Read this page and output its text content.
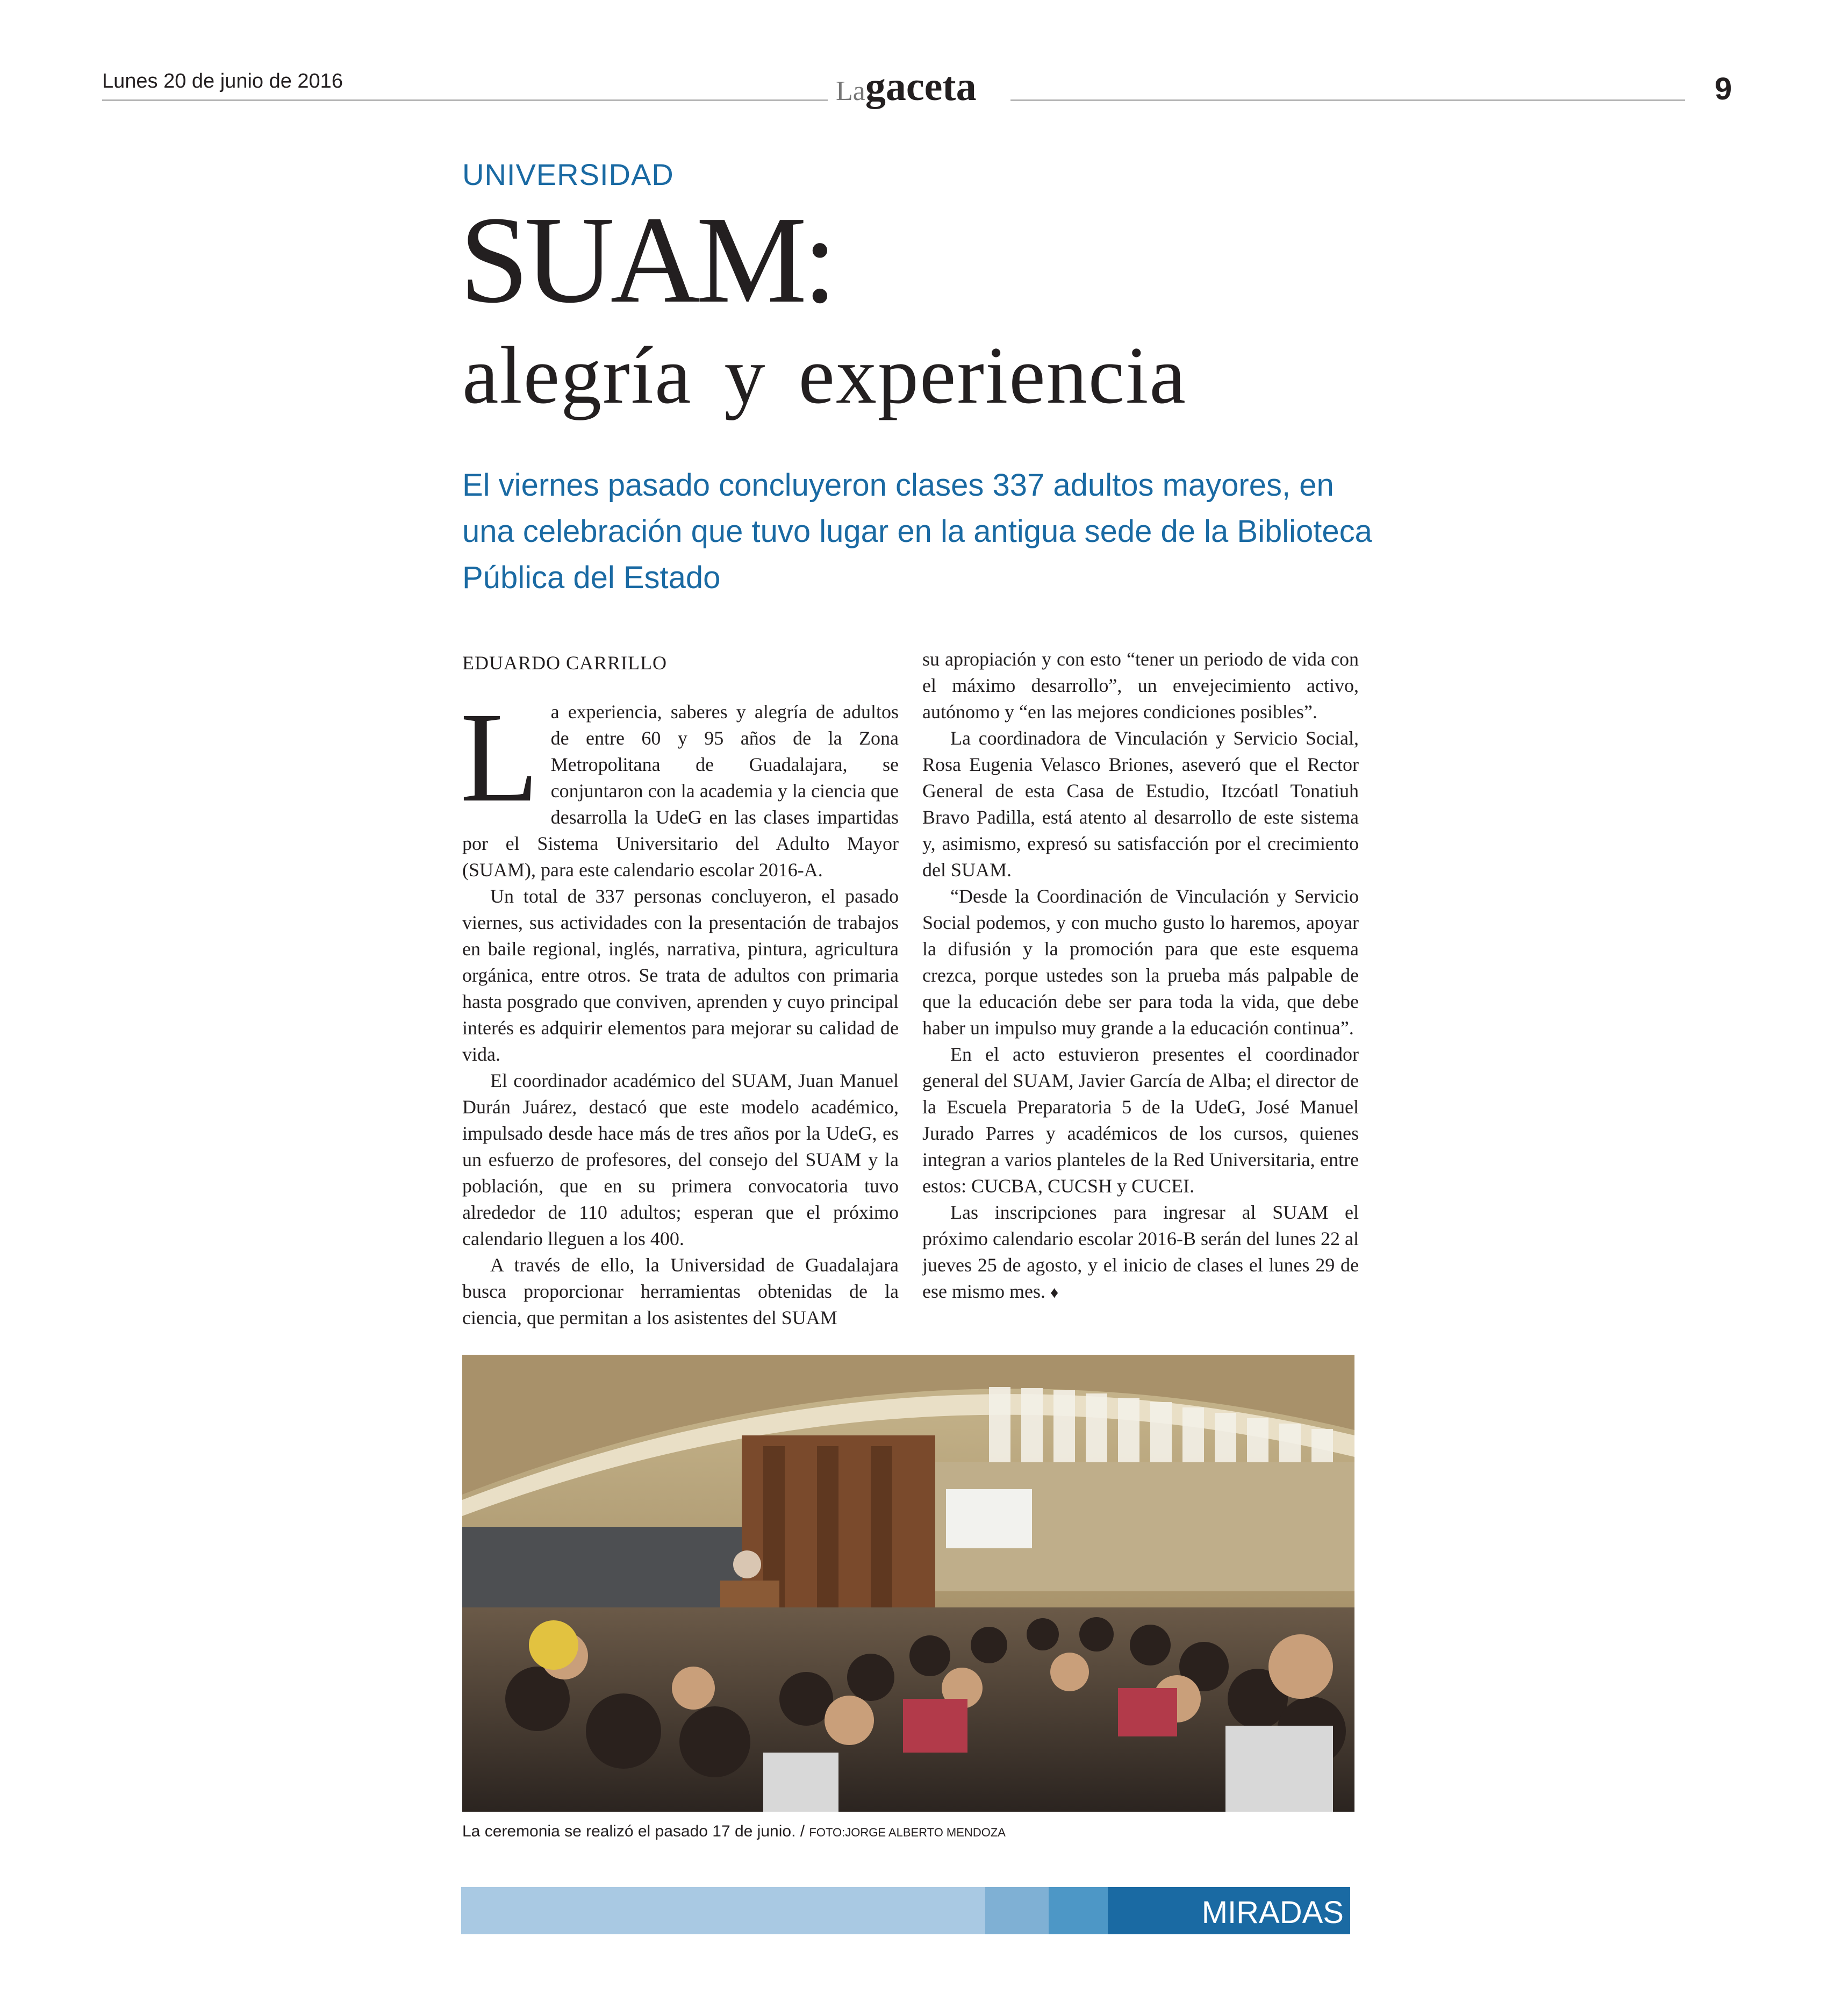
Lunes 20 de junio de 2016	Lagaceta	9
UNIVERSIDAD
SUAM:
alegría y experiencia
El viernes pasado concluyeron clases 337 adultos mayores, en una celebración que tuvo lugar en la antigua sede de la Biblioteca Pública del Estado
EDUARDO CARRILLO

La experiencia, saberes y alegría de adultos de entre 60 y 95 años de la Zona Metropolitana de Guadalajara, se conjuntaron con la academia y la ciencia que desarrolla la UdeG en las clases impartidas por el Sistema Universitario del Adulto Mayor (SUAM), para este calendario escolar 2016-A.

Un total de 337 personas concluyeron, el pasado viernes, sus actividades con la presentación de trabajos en baile regional, inglés, narrativa, pintura, agricultura orgánica, entre otros. Se trata de adultos con primaria hasta posgrado que conviven, aprenden y cuyo principal interés es adquirir elementos para mejorar su calidad de vida.

El coordinador académico del SUAM, Juan Manuel Durán Juárez, destacó que este modelo académico, impulsado desde hace más de tres años por la UdeG, es un esfuerzo de profesores, del consejo del SUAM y la población, que en su primera convocatoria tuvo alrededor de 110 adultos; esperan que el próximo calendario lleguen a los 400.

A través de ello, la Universidad de Guadalajara busca proporcionar herramientas obtenidas de la ciencia, que permitan a los asistentes del SUAM

su apropiación y con esto “tener un periodo de vida con el máximo desarrollo”, un envejecimiento activo, autónomo y “en las mejores condiciones posibles”.

La coordinadora de Vinculación y Servicio Social, Rosa Eugenia Velasco Briones, aseveró que el Rector General de esta Casa de Estudio, Itzcóatl Tonatiuh Bravo Padilla, está atento al desarrollo de este sistema y, asimismo, expresó su satisfacción por el crecimiento del SUAM.

“Desde la Coordinación de Vinculación y Servicio Social podemos, y con mucho gusto lo haremos, apoyar la difusión y la promoción para que este esquema crezca, porque ustedes son la prueba más palpable de que la educación debe ser para toda la vida, que debe haber un impulso muy grande a la educación continua”.

En el acto estuvieron presentes el coordinador general del SUAM, Javier García de Alba; el director de la Escuela Preparatoria 5 de la UdeG, José Manuel Jurado Parres y académicos de los cursos, quienes integran a varios planteles de la Red Universitaria, entre estos: CUCBA, CUCSH y CUCEI.

Las inscripciones para ingresar al SUAM el próximo calendario escolar 2016-B serán del lunes 22 al jueves 25 de agosto, y el inicio de clases el lunes 29 de ese mismo mes. ♦

La ceremonia se realizó el pasado 17 de junio. / FOTO:JORGE ALBERTO MENDOZA
MIRADAS
